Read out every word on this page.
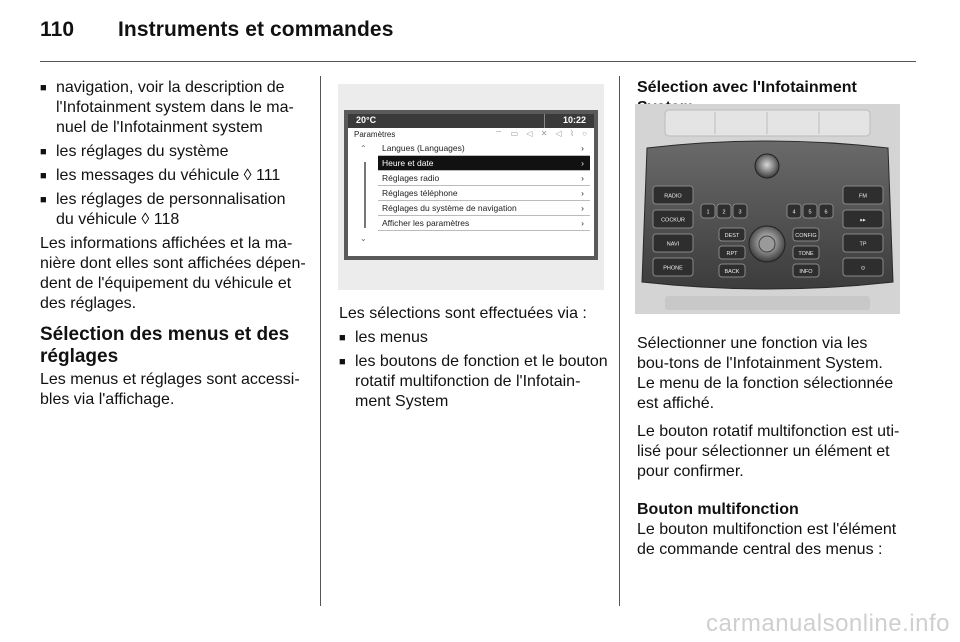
110 Instruments et commandes
■ navigation, voir la description de l'Infotainment system dans le ma-nuel de l'Infotainment system
■ les réglages du système
■ les messages du véhicule ◊ 111
■ les réglages de personnalisation du véhicule ◊ 118

Les informations affichées et la ma-nière dont elles sont affichées dépen-dent de l'équipement du véhicule et des réglages.

Sélection des menus et des réglages

Les menus et réglages sont accessi-bles via l'affichage.

20°C	10:22
Paramètres	⌔ ▭ ◁ ✕ ◁ ⌇ ○
⌃
⌄
Langues (Languages)	›
Heure et date	›
Réglages radio	›
Réglages téléphone	›
Réglages du système de navigation	›
Afficher les paramètres	›

Les sélections sont effectuées via :

■ les menus
■ les boutons de fonction et le bouton rotatif multifonction de l'Infotain-ment System
Sélection avec l'Infotainment
RADIO
COCKUR
NAVI
PHONE
FM
▸▸
TP
⊙
1 2 3	4 5 6
DEST	CONFIG
RPT	TONE
BACK	INFO

Sélectionner une fonction via les bou-tons de l'Infotainment System. Le menu de la fonction sélectionnée est affiché.

Le bouton rotatif multifonction est uti-lisé pour sélectionner un élément et pour confirmer.

Bouton multifonction

Le bouton multifonction est l'élément de commande central des menus :

carmanualsonline.info
